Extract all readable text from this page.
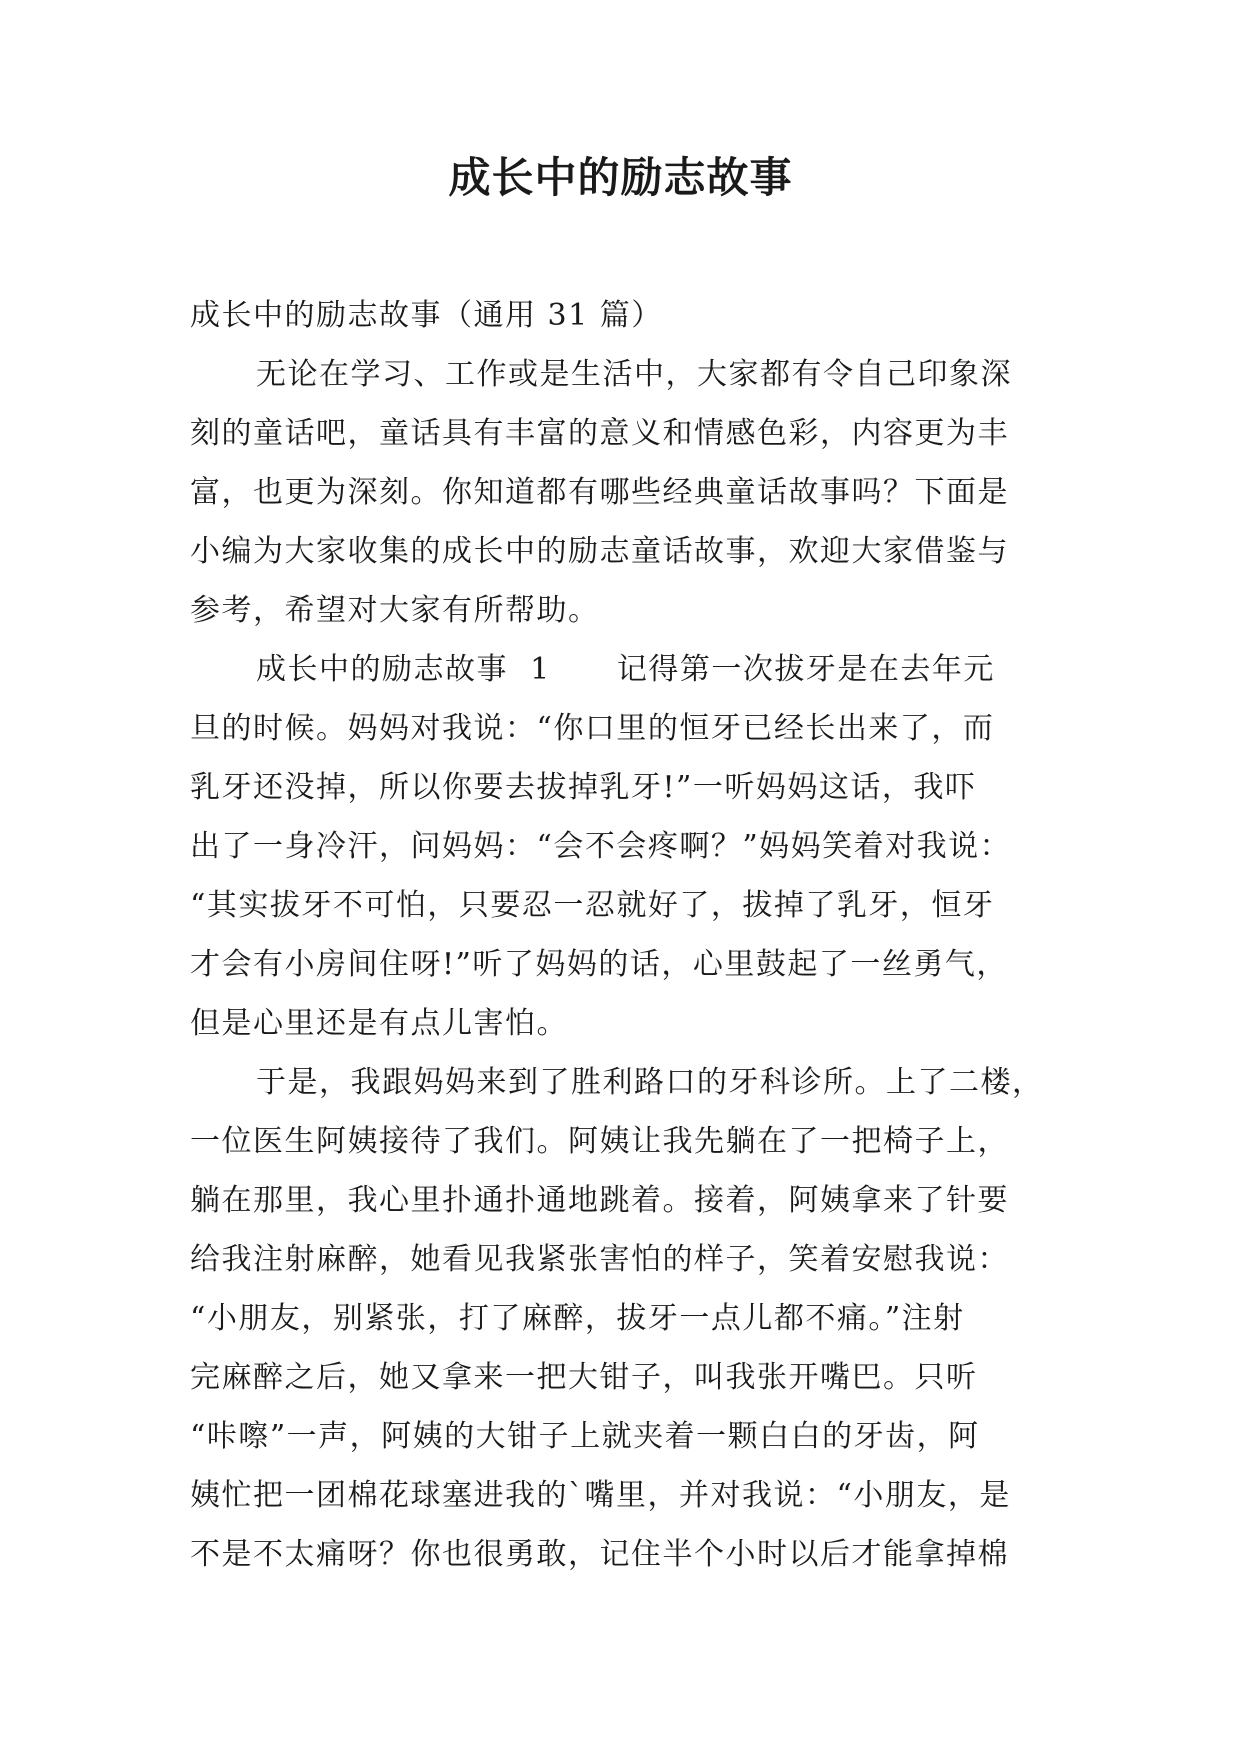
成长中的励志故事
成长中的励志故事（通用 31 篇）
无论在学习、工作或是生活中，大家都有令自己印象深
刻的童话吧，童话具有丰富的意义和情感色彩，内容更为丰
富，也更为深刻。你知道都有哪些经典童话故事吗？下面是
小编为大家收集的成长中的励志童话故事，欢迎大家借鉴与
参考，希望对大家有所帮助。
成长中的励志故事  1      记得第一次拔牙是在去年元
旦的时候。妈妈对我说：“你口里的恒牙已经长出来了，而
乳牙还没掉，所以你要去拔掉乳牙!”一听妈妈这话，我吓
出了一身冷汗，问妈妈：“会不会疼啊？”妈妈笑着对我说：
“其实拔牙不可怕，只要忍一忍就好了，拔掉了乳牙，恒牙
才会有小房间住呀!”听了妈妈的话，心里鼓起了一丝勇气，
但是心里还是有点儿害怕。
于是，我跟妈妈来到了胜利路口的牙科诊所。上了二楼，
一位医生阿姨接待了我们。阿姨让我先躺在了一把椅子上，
躺在那里，我心里扑通扑通地跳着。接着，阿姨拿来了针要
给我注射麻醉，她看见我紧张害怕的样子，笑着安慰我说：
“小朋友，别紧张，打了麻醉，拔牙一点儿都不痛。”注射
完麻醉之后，她又拿来一把大钳子，叫我张开嘴巴。只听
“咔嚓”一声，阿姨的大钳子上就夹着一颗白白的牙齿，阿
姨忙把一团棉花球塞进我的`嘴里，并对我说：“小朋友，是
不是不太痛呀？你也很勇敢，记住半个小时以后才能拿掉棉
